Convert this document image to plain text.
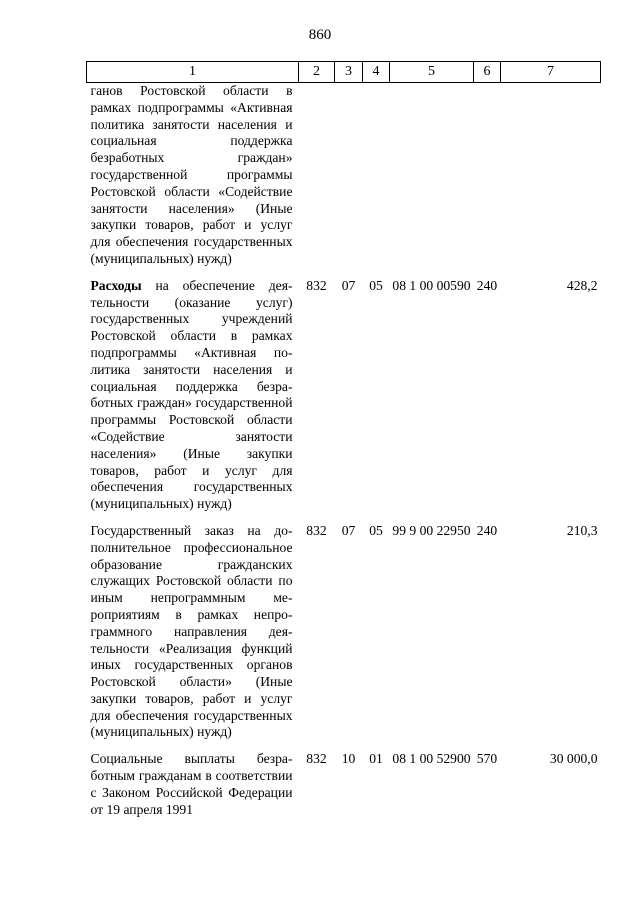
860
1	2	3	4	5	6	7
ганов Ростовской области в рамках подпрограммы «Активная политика занятости населения и социальная поддержка безработных граждан» государственной программы Ростовской области «Содействие занятости населения» (Иные закупки товаров, работ и услуг для обеспечения государственных (муниципальных) нужд)						
Расходы на обеспечение деятельности (оказание услуг) государственных учреждений Ростовской области в рамках подпрограммы «Активная политика занятости населения и социальная поддержка безработных граждан» государственной программы Ростовской области «Содействие занятости населения» (Иные закупки товаров, работ и услуг для обеспечения государственных (муниципальных) нужд)	832	07	05	08 1 00 00590	240	428,2
Государственный заказ на дополнительное профессиональное образование гражданских служащих Ростовской области по иным непрограммным мероприятиям в рамках непрограммного направления деятельности «Реализация функций иных государственных органов Ростовской области» (Иные закупки товаров, работ и услуг для обеспечения государственных (муниципальных) нужд)	832	07	05	99 9 00 22950	240	210,3
Социальные выплаты безработным гражданам в соответствии с Законом Российской Федерации от 19 апреля 1991	832	10	01	08 1 00 52900	570	30 000,0
